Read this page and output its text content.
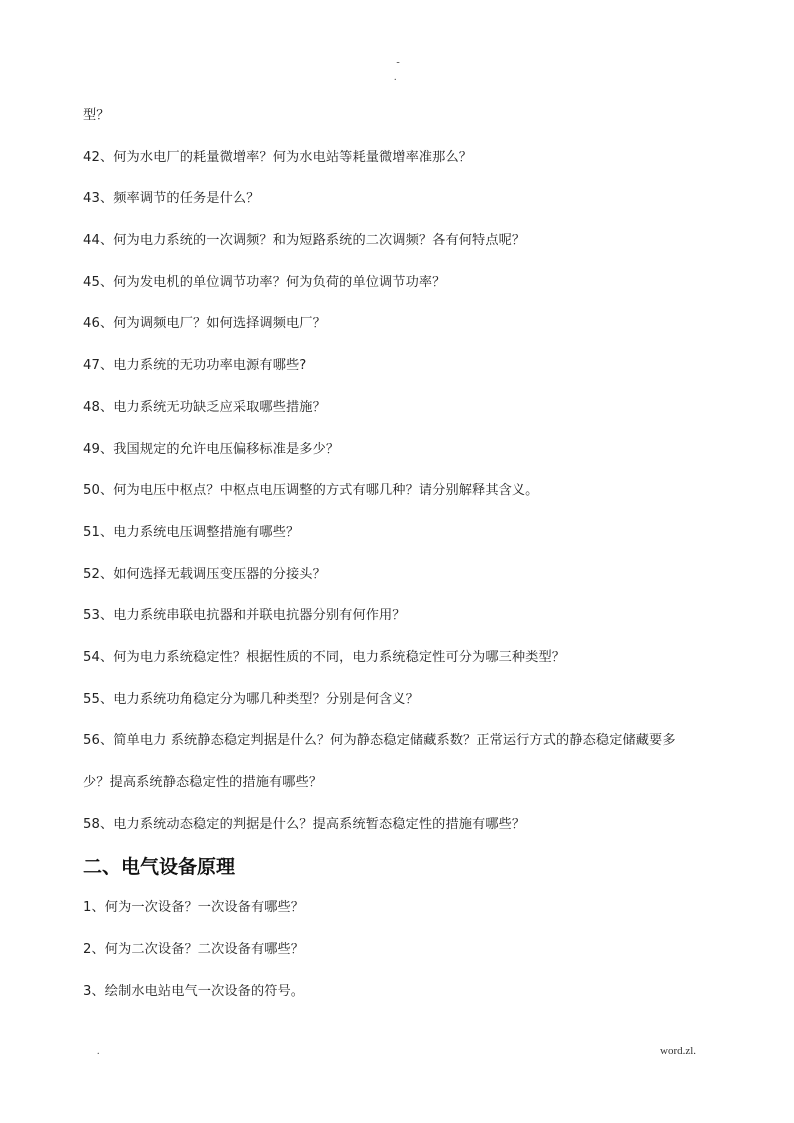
-
.
型？
42、何为水电厂的耗量微增率？何为水电站等耗量微增率准那么？
43、频率调节的任务是什么？
44、何为电力系统的一次调频？和为短路系统的二次调频？各有何特点呢？
45、何为发电机的单位调节功率？何为负荷的单位调节功率？
46、何为调频电厂？如何选择调频电厂？
47、电力系统的无功功率电源有哪些?
48、电力系统无功缺乏应采取哪些措施？
49、我国规定的允许电压偏移标准是多少？
50、何为电压中枢点？中枢点电压调整的方式有哪几种？请分别解释其含义。
51、电力系统电压调整措施有哪些？
52、如何选择无载调压变压器的分接头？
53、电力系统串联电抗器和并联电抗器分别有何作用？
54、何为电力系统稳定性？根据性质的不同，电力系统稳定性可分为哪三种类型？
55、电力系统功角稳定分为哪几种类型？分别是何含义？
56、简单电力 系统静态稳定判据是什么？何为静态稳定储藏系数？正常运行方式的静态稳定储藏要多
少？提高系统静态稳定性的措施有哪些？
58、电力系统动态稳定的判据是什么？提高系统暂态稳定性的措施有哪些？
二、电气设备原理
1、何为一次设备？一次设备有哪些？
2、何为二次设备？二次设备有哪些？
3、绘制水电站电气一次设备的符号。
.	word.zl.
